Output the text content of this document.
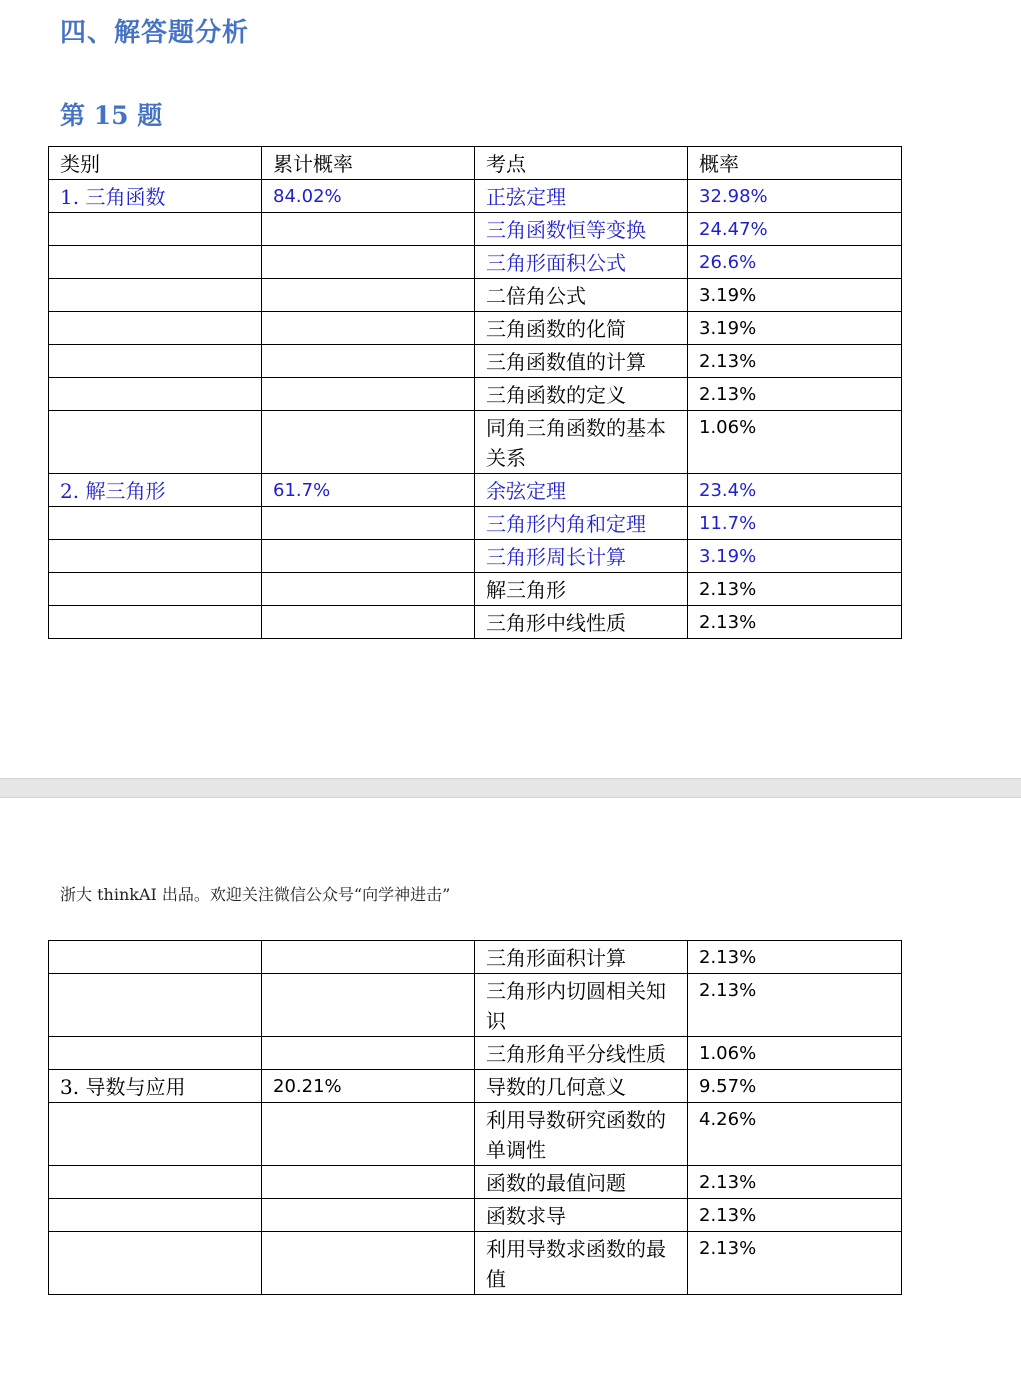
四、解答题分析
第 15 题
类别	累计概率	考点	概率
1. 三角函数	84.02%	正弦定理	32.98%
		三角函数恒等变换	24.47%
		三角形面积公式	26.6%
		二倍角公式	3.19%
		三角函数的化简	3.19%
		三角函数值的计算	2.13%
		三角函数的定义	2.13%
		同角三角函数的基本关系	1.06%
2. 解三角形	61.7%	余弦定理	23.4%
		三角形内角和定理	11.7%
		三角形周长计算	3.19%
		解三角形	2.13%
		三角形中线性质	2.13%

浙大 thinkAI 出品。欢迎关注微信公众号“向学神进击”

		三角形面积计算	2.13%
		三角形内切圆相关知识	2.13%
		三角形角平分线性质	1.06%
3. 导数与应用	20.21%	导数的几何意义	9.57%
		利用导数研究函数的单调性	4.26%
		函数的最值问题	2.13%
		函数求导	2.13%
		利用导数求函数的最值	2.13%
